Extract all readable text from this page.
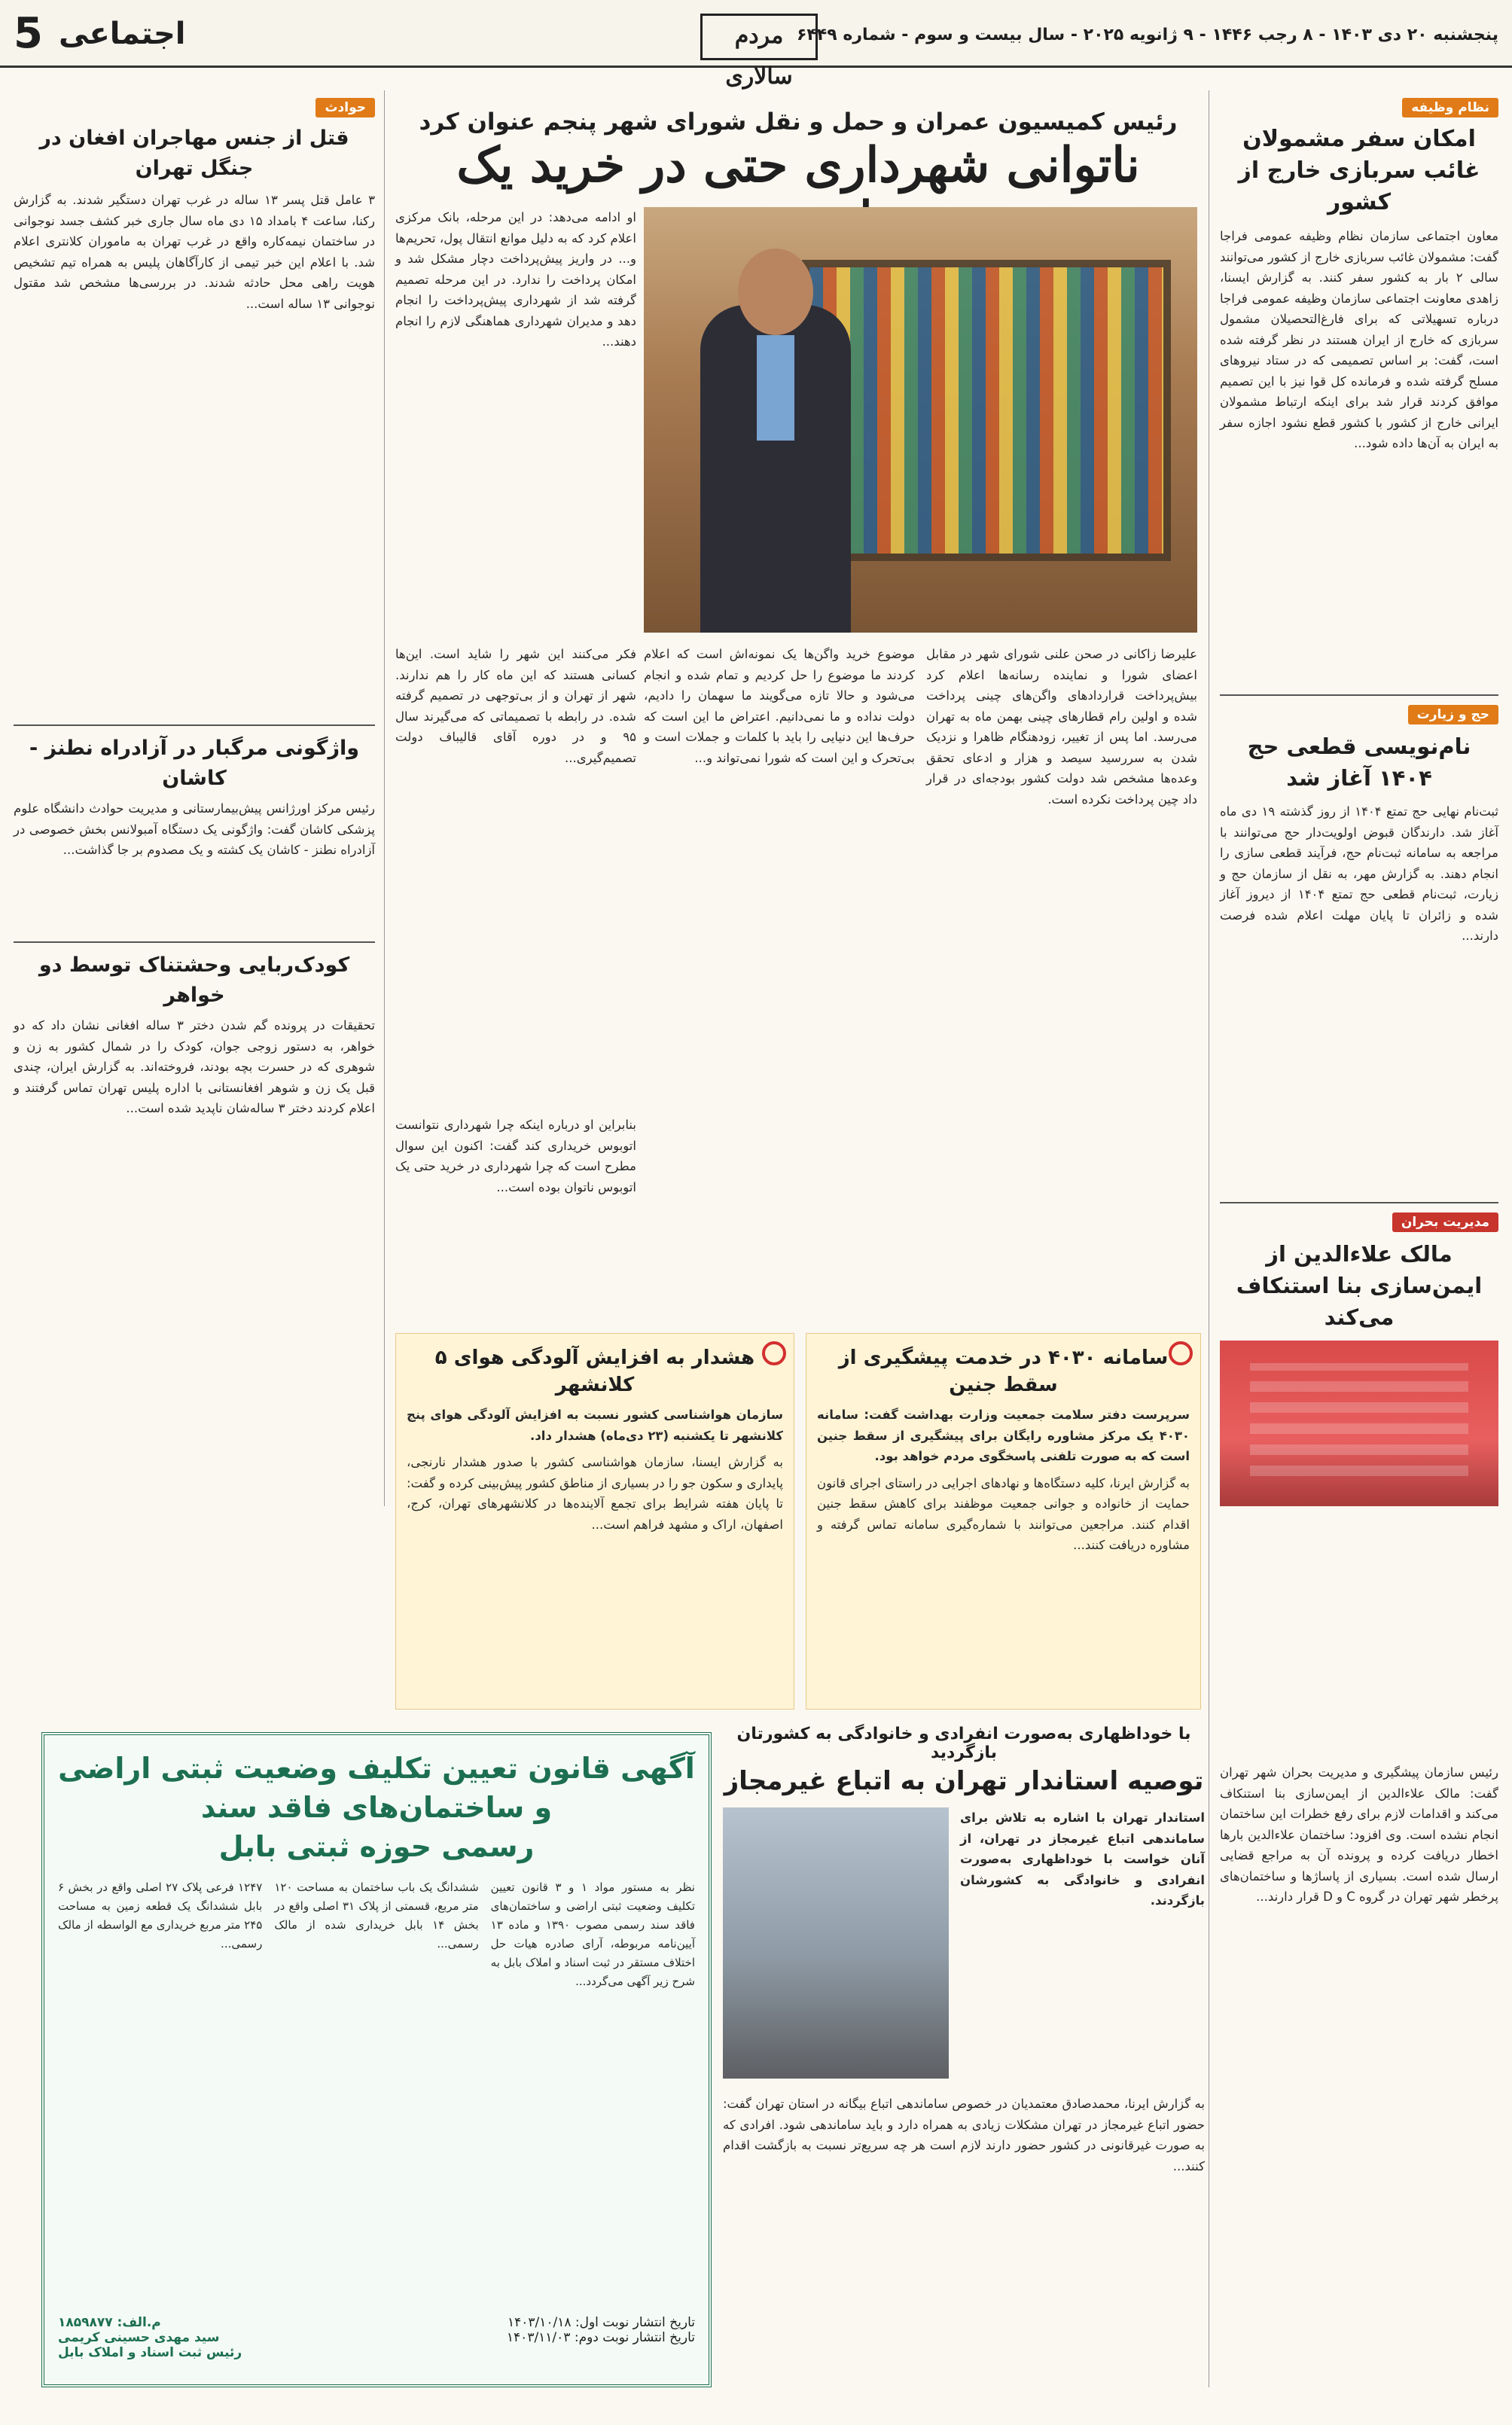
5 اجتماعی	مردم سالاری
پنجشنبه ۲۰ دی ۱۴۰۳ - ۸ رجب ۱۴۴۶ - ۹ ژانویه ۲۰۲۵ - سال بیست و سوم - شماره ۶۴۴۹
نظام وظیفه
امکان سفر مشمولان غائب سربازی خارج از کشور
معاون اجتماعی سازمان نظام وظیفه عمومی فراجا گفت: مشمولان غائب سربازی خارج از کشور می‌توانند سالی ۲ بار به کشور سفر کنند. به گزارش ایسنا، زاهدی معاونت اجتماعی سازمان وظیفه عمومی فراجا درباره تسهیلاتی که برای فارغ‌التحصیلان مشمول سربازی که خارج از ایران هستند در نظر گرفته شده است، گفت: بر اساس تصمیمی که در ستاد نیروهای مسلح گرفته شده و فرمانده کل قوا نیز با این تصمیم موافق کردند قرار شد برای اینکه ارتباط مشمولان ایرانی خارج از کشور با کشور قطع نشود اجازه سفر به ایران به آن‌ها داده شود...
حج و زیارت
نام‌نویسی قطعی حج ۱۴۰۴ آغاز شد
ثبت‌نام نهایی حج تمتع ۱۴۰۴ از روز گذشته ۱۹ دی ماه آغاز شد. دارندگان قبوض اولویت‌دار حج می‌توانند با مراجعه به سامانه ثبت‌نام حج، فرآیند قطعی سازی را انجام دهند. به گزارش مهر، به نقل از سازمان حج و زیارت، ثبت‌نام قطعی حج تمتع ۱۴۰۴ از دیروز آغاز شده و زائران تا پایان مهلت اعلام شده فرصت دارند...
مدیریت بحران
مالک علاءالدین از ایمن‌سازی بنا استنکاف می‌کند
رئیس سازمان پیشگیری و مدیریت بحران شهر تهران گفت: مالک علاءالدین از ایمن‌سازی بنا استنکاف می‌کند و اقدامات لازم برای رفع خطرات این ساختمان انجام نشده است. وی افزود: ساختمان علاءالدین بارها اخطار دریافت کرده و پرونده آن به مراجع قضایی ارسال شده است. بسیاری از پاساژها و ساختمان‌های پرخطر شهر تهران در گروه C و D قرار دارند...
حوادث
قتل از جنس مهاجران افغان در جنگل تهران
۳ عامل قتل پسر ۱۳ ساله در غرب تهران دستگیر شدند. به گزارش رکنا، ساعت ۴ بامداد ۱۵ دی ماه سال جاری خبر کشف جسد نوجوانی در ساختمان نیمه‌کاره واقع در غرب تهران به ماموران کلانتری اعلام شد. با اعلام این خبر تیمی از کارآگاهان پلیس به همراه تیم تشخیص هویت راهی محل حادثه شدند. در بررسی‌ها مشخص شد مقتول نوجوانی ۱۳ ساله است...
واژگونی مرگبار در آزادراه نطنز - کاشان
رئیس مرکز اورژانس پیش‌بیمارستانی و مدیریت حوادث دانشگاه علوم پزشکی کاشان گفت: واژگونی یک دستگاه آمبولانس بخش خصوصی در آزادراه نطنز - کاشان یک کشته و یک مصدوم بر جا گذاشت...
کودک‌ربایی وحشتناک توسط دو خواهر
تحقیقات در پرونده گم شدن دختر ۳ ساله افغانی نشان داد که دو خواهر، به دستور زوجی جوان، کودک را در شمال کشور به زن و شوهری که در حسرت بچه بودند، فروخته‌اند. به گزارش ایران، چندی قبل یک زن و شوهر افغانستانی با اداره پلیس تهران تماس گرفتند و اعلام کردند دختر ۳ ساله‌شان ناپدید شده است...
رئیس کمیسیون عمران و حمل و نقل شورای شهر پنجم عنوان کرد
ناتوانی شهرداری حتی در خرید یک
علیرضا زاکانی در صحن علنی شورای شهر در مقابل اعضای شورا و نماینده رسانه‌ها اعلام کرد بیش‌پرداخت قراردادهای واگن‌های چینی پرداخت شده و اولین رام قطارهای چینی بهمن ماه به تهران می‌رسد. اما پس از تغییر، زودهنگام ظاهرا و نزدیک شدن به سررسید سیصد و هزار و ادعای تحقق وعده‌ها مشخص شد دولت کشور بودجه‌ای در قرار داد چین پرداخت نکرده است.
موضوع خرید واگن‌ها یک نمونه‌اش است که اعلام کردند ما موضوع را حل کردیم و تمام شده و انجام می‌شود و حالا تازه می‌گویند ما سهمان را دادیم، دولت نداده و ما نمی‌دانیم. اعتراض ما این است که حرف‌ها این دنیایی را باید با کلمات و جملات است و بی‌تحرک و این است که شورا نمی‌تواند و...
فکر می‌کنند این شهر را شاید است. این‌ها کسانی هستند که این ماه کار را هم ندارند. شهر از تهران و از بی‌توجهی در تصمیم گرفته شده. در رابطه با تصمیماتی که می‌گیرند سال ۹۵ و در دوره آقای قالیباف دولت تصمیم‌گیری...
او ادامه می‌دهد: در این مرحله، بانک مرکزی اعلام کرد که به دلیل موانع انتقال پول، تحریم‌ها و... در واریز پیش‌پرداخت دچار مشکل شد و امکان پرداخت را ندارد. در این مرحله تصمیم گرفته شد از شهرداری پیش‌پرداخت را انجام دهد و مدیران شهرداری هماهنگی لازم را انجام دهند...
بنابراین او درباره اینکه چرا شهرداری نتوانست اتوبوس خریداری کند گفت: اکنون این سوال مطرح است که چرا شهرداری در خرید حتی یک اتوبوس ناتوان بوده است...
سامانه ۴۰۳۰ در خدمت پیشگیری از سقط جنین
سرپرست دفتر سلامت جمعیت وزارت بهداشت گفت: سامانه ۴۰۳۰ یک مرکز مشاوره رایگان برای پیشگیری از سقط جنین است که به صورت تلفنی پاسخگوی مردم خواهد بود.
به گزارش ایرنا، کلیه دستگاه‌ها و نهادهای اجرایی در راستای اجرای قانون حمایت از خانواده و جوانی جمعیت موظفند برای کاهش سقط جنین اقدام کنند. مراجعین می‌توانند با شماره‌گیری سامانه تماس گرفته و مشاوره دریافت کنند...
هشدار به افزایش آلودگی هوای ۵ کلانشهر
سازمان هواشناسی کشور نسبت به افزایش آلودگی هوای پنج کلانشهر تا یکشنبه (۲۳ دی‌ماه) هشدار داد.
به گزارش ایسنا، سازمان هواشناسی کشور با صدور هشدار نارنجی، پایداری و سکون جو را در بسیاری از مناطق کشور پیش‌بینی کرده و گفت: تا پایان هفته شرایط برای تجمع آلاینده‌ها در کلانشهرهای تهران، کرج، اصفهان، اراک و مشهد فراهم است...
با خوداظهاری به‌صورت انفرادی و خانوادگی به کشورتان بازگردید
توصیه استاندار تهران به اتباع غیرمجاز
استاندار تهران با اشاره به تلاش برای ساماندهی اتباع غیرمجاز در تهران، از آنان خواست با خوداظهاری به‌صورت انفرادی و خانوادگی به کشورشان بازگردند.
به گزارش ایرنا، محمدصادق معتمدیان در خصوص ساماندهی اتباع بیگانه در استان تهران گفت: حضور اتباع غیرمجاز در تهران مشکلات زیادی به همراه دارد و باید ساماندهی شود. افرادی که به صورت غیرقانونی در کشور حضور دارند لازم است هر چه سریع‌تر نسبت به بازگشت اقدام کنند...
آگهی قانون تعیین تکلیف وضعیت ثبتی اراضی و ساختمان‌های فاقد سند
رسمی حوزه ثبتی بابل
نظر به مستور مواد ۱ و ۳ قانون تعیین تکلیف وضعیت ثبتی اراضی و ساختمان‌های فاقد سند رسمی مصوب ۱۳۹۰ و ماده ۱۳ آیین‌نامه مربوطه، آرای صادره هیات حل اختلاف مستقر در ثبت اسناد و املاک بابل به شرح زیر آگهی می‌گردد...
ششدانگ یک باب ساختمان به مساحت ۱۲۰ متر مربع، قسمتی از پلاک ۳۱ اصلی واقع در بخش ۱۴ بابل خریداری شده از مالک رسمی...
۱۲۴۷ فرعی پلاک ۲۷ اصلی واقع در بخش ۶ بابل ششدانگ یک قطعه زمین به مساحت ۲۴۵ متر مربع خریداری مع الواسطه از مالک رسمی...
تاریخ انتشار نوبت اول: ۱۴۰۳/۱۰/۱۸
تاریخ انتشار نوبت دوم: ۱۴۰۳/۱۱/۰۳
م.الف: ۱۸۵۹۸۷۷
سید مهدی حسینی کریمی
رئیس ثبت اسناد و املاک بابل
